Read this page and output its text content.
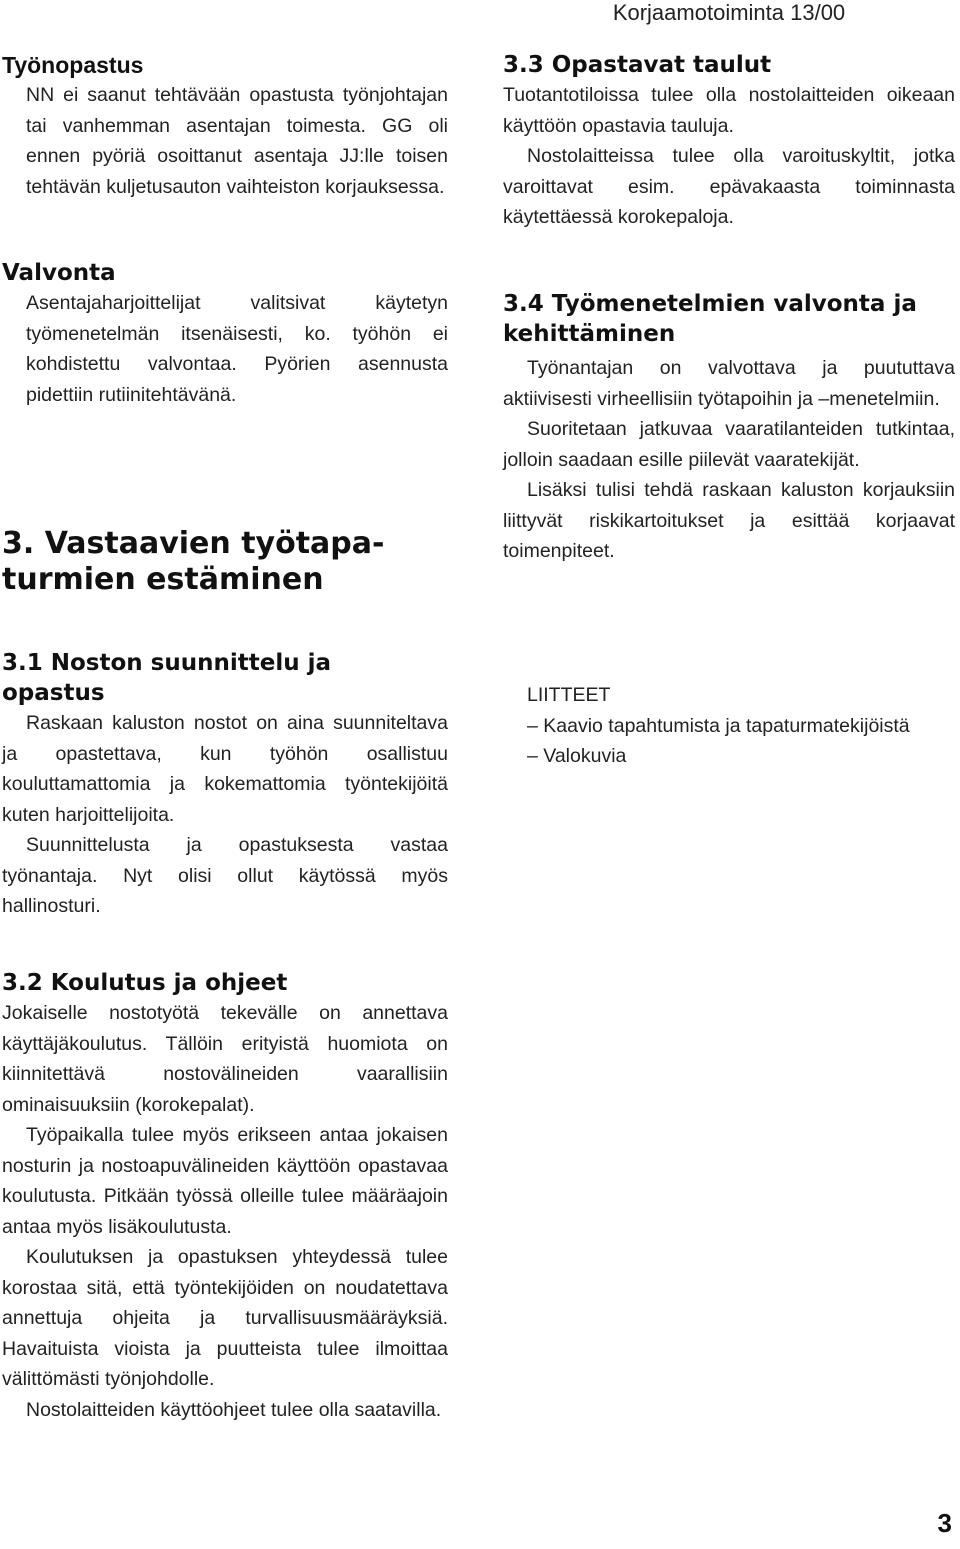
Korjaamotoiminta 13/00
Työnopastus

NN ei saanut tehtävään opastusta työnjohtajan tai vanhemman asentajan toimesta. GG oli ennen pyöriä osoittanut asentaja JJ:lle toisen tehtävän kuljetusauton vaihteiston korjauksessa.

Valvonta

Asentajaharjoittelijat valitsivat käytetyn työmenetelmän itsenäisesti, ko. työhön ei kohdistettu valvontaa. Pyörien asennusta pidettiin rutiinitehtävänä.

3. Vastaavien työtapa-
turmien estäminen
3.1 Noston suunnittelu ja
opastus

Raskaan kaluston nostot on aina suunniteltava ja opastettava, kun työhön osallistuu kouluttamattomia ja kokemattomia työntekijöitä kuten harjoittelijoita.

Suunnittelusta ja opastuksesta vastaa työnantaja. Nyt olisi ollut käytössä myös hallinosturi.

3.2 Koulutus ja ohjeet

Jokaiselle nostotyötä tekevälle on annettava käyttäjäkoulutus. Tällöin erityistä huomiota on kiinnitettävä nostovälineiden vaarallisiin ominaisuuksiin (korokepalat).

Työpaikalla tulee myös erikseen antaa jokaisen nosturin ja nostoapuvälineiden käyttöön opastavaa koulutusta. Pitkään työssä olleille tulee määräajoin antaa myös lisäkoulutusta.

Koulutuksen ja opastuksen yhteydessä tulee korostaa sitä, että työntekijöiden on noudatettava annettuja ohjeita ja turvallisuusmääräyksiä. Havaituista vioista ja puutteista tulee ilmoittaa välittömästi työnjohdolle.

Nostolaitteiden käyttöohjeet tulee olla saatavilla.

3.3 Opastavat taulut

Tuotantotiloissa tulee olla nostolaitteiden oikeaan käyttöön opastavia tauluja.

Nostolaitteissa tulee olla varoituskyltit, jotka varoittavat esim. epävakaasta toiminnasta käytettäessä korokepaloja.

3.4 Työmenetelmien valvonta ja
kehittäminen

Työnantajan on valvottava ja puututtava aktiivisesti virheellisiin työtapoihin ja –menetelmiin.

Suoritetaan jatkuvaa vaaratilanteiden tutkintaa, jolloin saadaan esille piilevät vaaratekijät.

Lisäksi tulisi tehdä raskaan kaluston korjauksiin liittyvät riskikartoitukset ja esittää korjaavat toimenpiteet.

LIITTEET
– Kaavio tapahtumista ja tapaturmatekijöistä
– Valokuvia
3
